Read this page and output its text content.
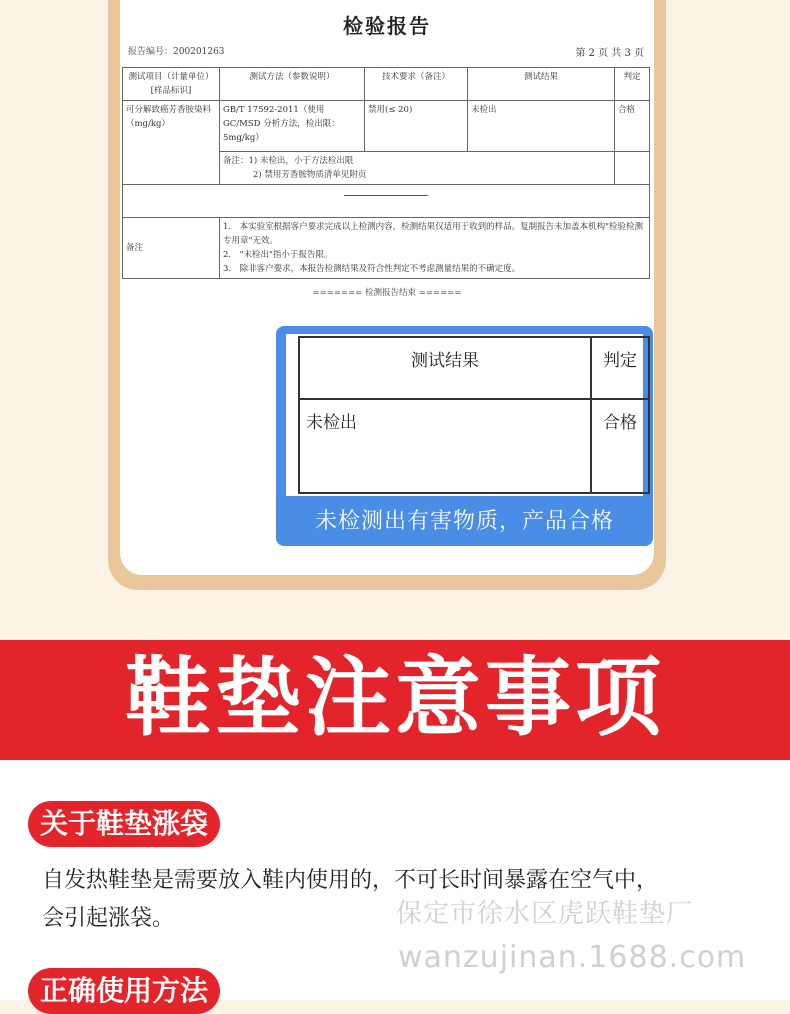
检验报告
报告编号：200201263	第 2 页 共 3 页
测试项目（计量单位）[样品标识]	测试方法（参数说明）	技术要求（备注）	测试结果	判定
可分解致癌芳香胺染料（mg/kg）	GB/T 17592-2011（使用 GC/MSD 分析方法，检出限：5mg/kg）	禁用(≤ 20)	未检出	合格

	备注：1) 未检出，小于方法检出限
2) 禁用芳香胺物质清单见附页			

备注	1.　本实验室根据客户要求完成以上检测内容，检测结果仅适用于收到的样品。复制报告未加盖本机构"检验检测专用章"无效。
2.　"未检出"指小于报告限。
3.　除非客户要求，本报告检测结果及符合性判定不考虑测量结果的不确定度。			
======= 检测报告结束 ======
测试结果	判定
未检出	合格
未检测出有害物质，产品合格
鞋垫注意事项
关于鞋垫涨袋
自发热鞋垫是需要放入鞋内使用的，不可长时间暴露在空气中，
会引起涨袋。	保定市徐水区虎跃鞋垫厂
wanzujinan.1688.com
正确使用方法
